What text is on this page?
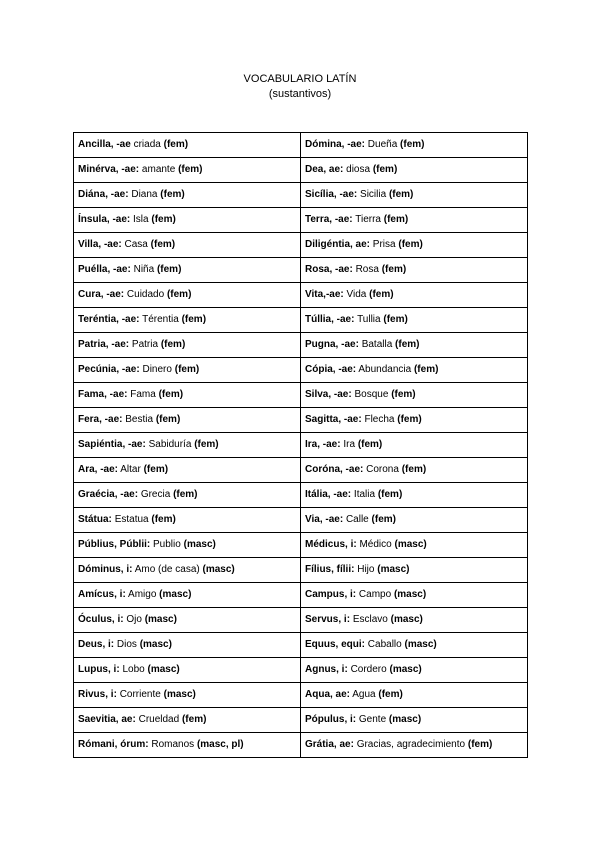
VOCABULARIO LATÍN
(sustantivos)
Ancilla, -ae criada (fem)	Dómina, -ae: Dueña (fem)
Minérva, -ae: amante (fem)	Dea, ae: diosa (fem)
Diána, -ae: Diana (fem)	Sicília, -ae: Sicilia (fem)
Ínsula, -ae: Isla (fem)	Terra, -ae: Tierra (fem)
Villa, -ae: Casa (fem)	Diligéntia, ae: Prisa (fem)
Puélla, -ae: Niña (fem)	Rosa, -ae: Rosa (fem)
Cura, -ae: Cuidado (fem)	Vita,-ae: Vida (fem)
Teréntia, -ae: Térentia (fem)	Túllia, -ae: Tullia (fem)
Patria, -ae: Patria (fem)	Pugna, -ae: Batalla (fem)
Pecúnia, -ae: Dinero (fem)	Cópia, -ae: Abundancia (fem)
Fama, -ae: Fama (fem)	Silva, -ae: Bosque (fem)
Fera, -ae: Bestia (fem)	Sagitta, -ae: Flecha (fem)
Sapiéntia, -ae: Sabiduría (fem)	Ira, -ae: Ira (fem)
Ara, -ae: Altar (fem)	Coróna, -ae: Corona (fem)
Graécia, -ae: Grecia (fem)	Itália, -ae: Italia (fem)
Státua: Estatua (fem)	Via, -ae: Calle (fem)
Públius, Públii: Publio (masc)	Médicus, i: Médico (masc)
Dóminus, i: Amo (de casa) (masc)	Fílius, fílii: Hijo (masc)
Amícus, i: Amigo (masc)	Campus, i: Campo (masc)
Óculus, i: Ojo (masc)	Servus, i: Esclavo (masc)
Deus, i: Dios (masc)	Equus, equi: Caballo (masc)
Lupus, i: Lobo (masc)	Agnus, i: Cordero (masc)
Rivus, i: Corriente (masc)	Aqua, ae: Agua (fem)
Saevitia, ae: Crueldad (fem)	Pópulus, i: Gente (masc)
Rómani, órum: Romanos (masc, pl)	Grátia, ae: Gracias, agradecimiento (fem)
